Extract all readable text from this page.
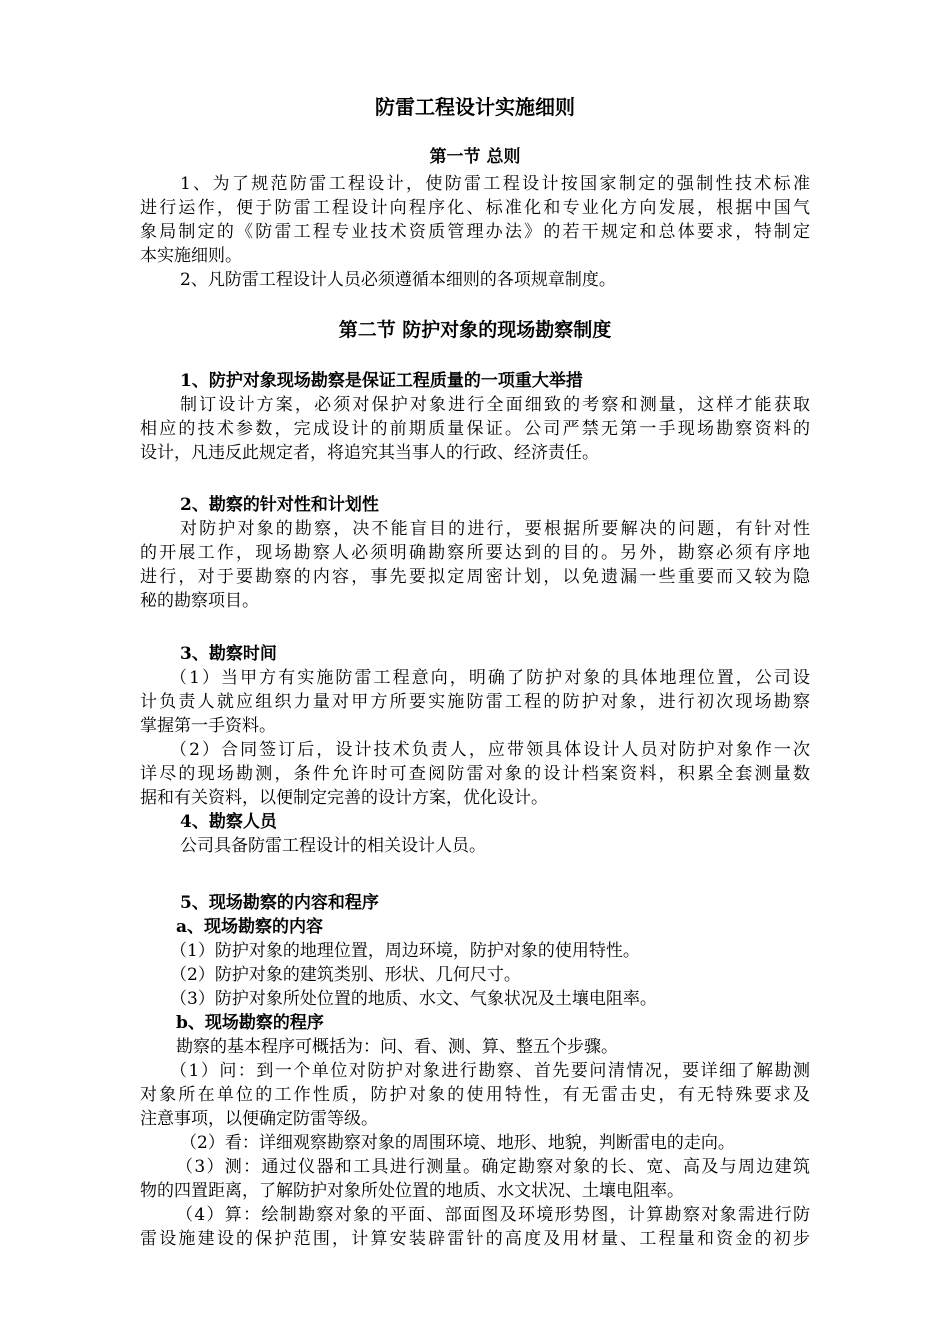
防雷工程设计实施细则
第一节 总则
1、为了规范防雷工程设计，使防雷工程设计按国家制定的强制性技术标准
进行运作，便于防雷工程设计向程序化、标准化和专业化方向发展，根据中国气
象局制定的《防雷工程专业技术资质管理办法》的若干规定和总体要求，特制定
本实施细则。
2、凡防雷工程设计人员必须遵循本细则的各项规章制度。
第二节 防护对象的现场勘察制度
1、防护对象现场勘察是保证工程质量的一项重大举措
制订设计方案，必须对保护对象进行全面细致的考察和测量，这样才能获取
相应的技术参数，完成设计的前期质量保证。公司严禁无第一手现场勘察资料的
设计，凡违反此规定者，将追究其当事人的行政、经济责任。
2、勘察的针对性和计划性
对防护对象的勘察，决不能盲目的进行，要根据所要解决的问题，有针对性
的开展工作，现场勘察人必须明确勘察所要达到的目的。另外，勘察必须有序地
进行，对于要勘察的内容，事先要拟定周密计划，以免遗漏一些重要而又较为隐
秘的勘察项目。
3、勘察时间
（1）当甲方有实施防雷工程意向，明确了防护对象的具体地理位置，公司设
计负责人就应组织力量对甲方所要实施防雷工程的防护对象，进行初次现场勘察
掌握第一手资料。
（2）合同签订后，设计技术负责人，应带领具体设计人员对防护对象作一次
详尽的现场勘测，条件允许时可查阅防雷对象的设计档案资料，积累全套测量数
据和有关资料，以便制定完善的设计方案，优化设计。
4、勘察人员
公司具备防雷工程设计的相关设计人员。
5、现场勘察的内容和程序
a、现场勘察的内容
（1）防护对象的地理位置，周边环境，防护对象的使用特性。
（2）防护对象的建筑类别、形状、几何尺寸。
（3）防护对象所处位置的地质、水文、气象状况及土壤电阻率。
b、现场勘察的程序
勘察的基本程序可概括为：问、看、测、算、整五个步骤。
（1）问：到一个单位对防护对象进行勘察、首先要问清情况，要详细了解勘测
对象所在单位的工作性质，防护对象的使用特性，有无雷击史，有无特殊要求及
注意事项，以便确定防雷等级。
（2）看：详细观察勘察对象的周围环境、地形、地貌，判断雷电的走向。
（3）测：通过仪器和工具进行测量。确定勘察对象的长、宽、高及与周边建筑
物的四置距离，了解防护对象所处位置的地质、水文状况、土壤电阻率。
（4）算：绘制勘察对象的平面、部面图及环境形势图，计算勘察对象需进行防
雷设施建设的保护范围，计算安装辟雷针的高度及用材量、工程量和资金的初步
